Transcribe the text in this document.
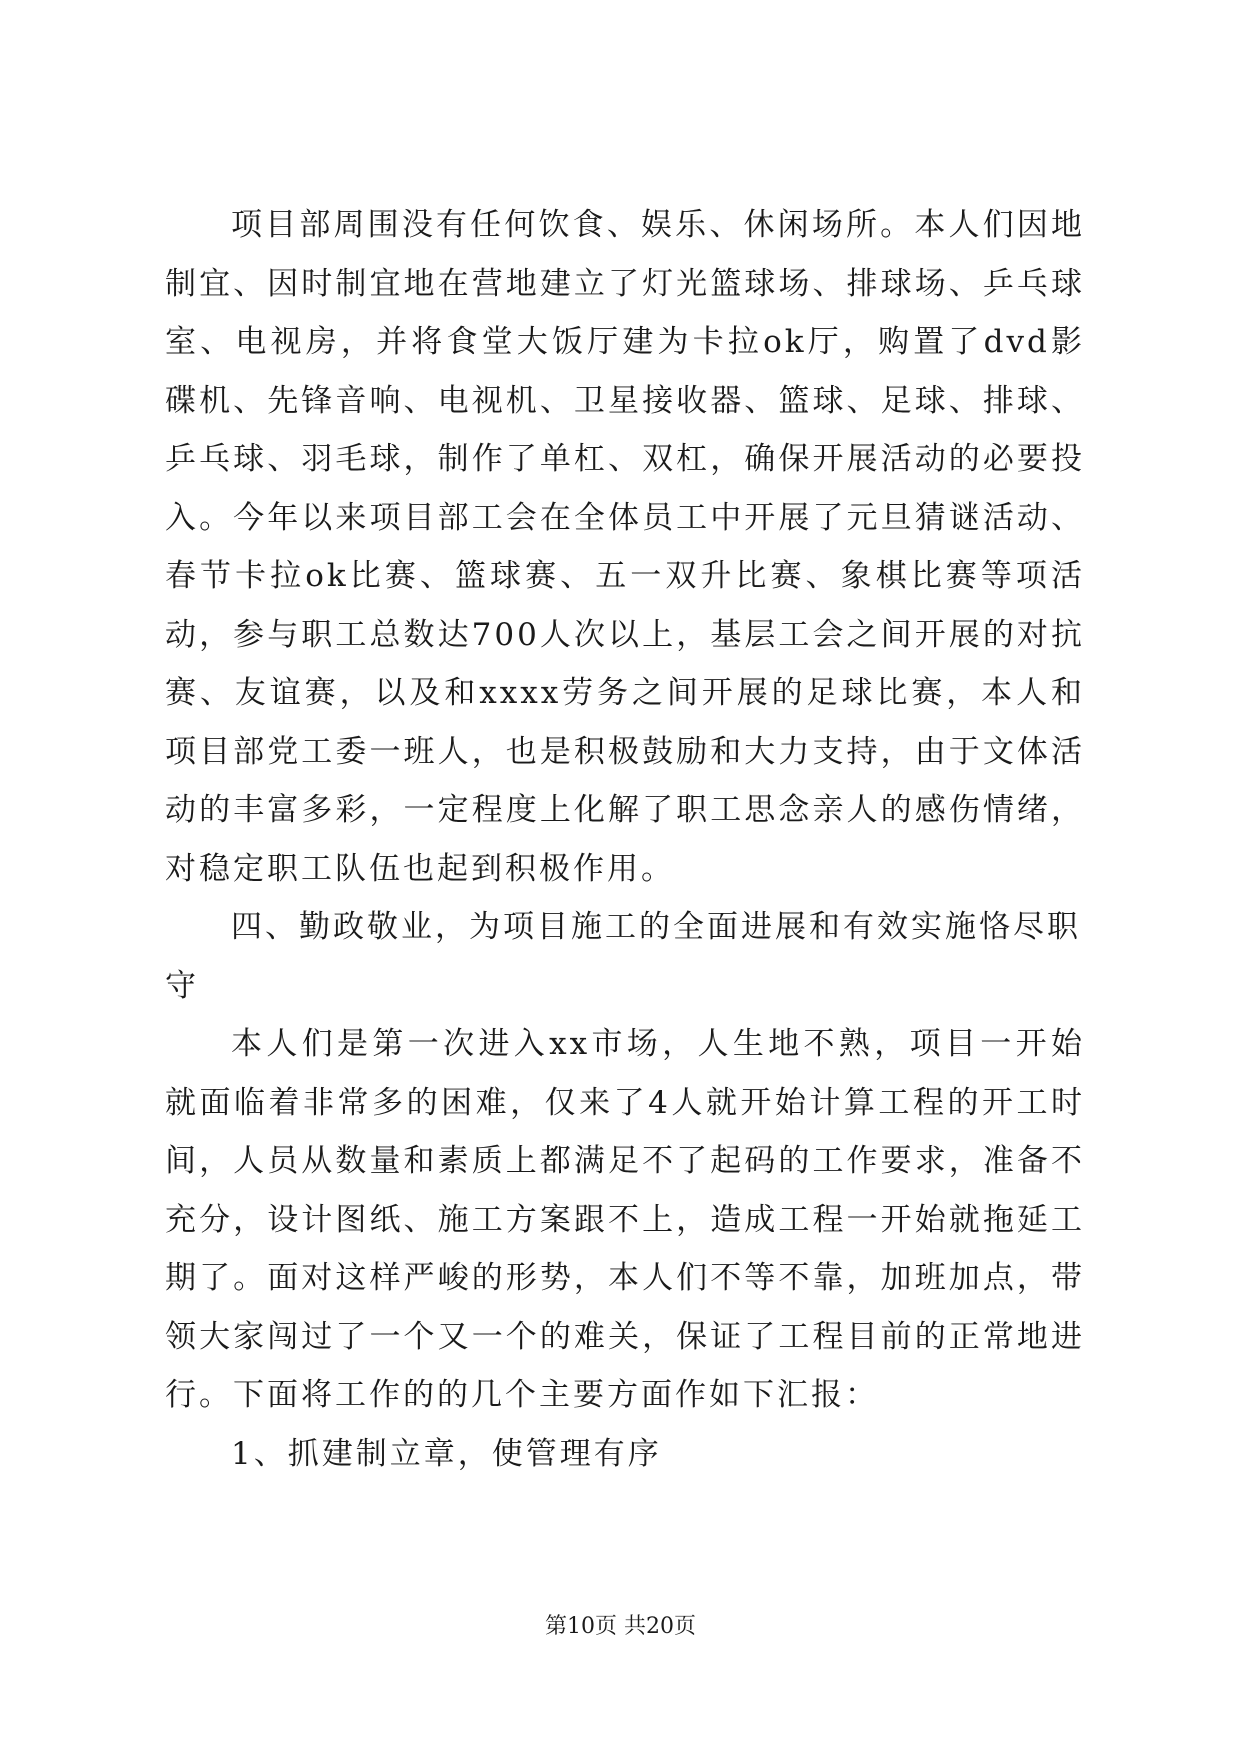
项目部周围没有任何饮食、娱乐、休闲场所。本人们因地制宜、因时制宜地在营地建立了灯光篮球场、排球场、乒乓球室、电视房，并将食堂大饭厅建为卡拉ok厅，购置了dvd影碟机、先锋音响、电视机、卫星接收器、篮球、足球、排球、乒乓球、羽毛球，制作了单杠、双杠，确保开展活动的必要投入。今年以来项目部工会在全体员工中开展了元旦猜谜活动、春节卡拉ok比赛、篮球赛、五一双升比赛、象棋比赛等项活动，参与职工总数达700人次以上，基层工会之间开展的对抗赛、友谊赛，以及和xxxx劳务之间开展的足球比赛，本人和项目部党工委一班人，也是积极鼓励和大力支持，由于文体活动的丰富多彩，一定程度上化解了职工思念亲人的感伤情绪，对稳定职工队伍也起到积极作用。

四、勤政敬业，为项目施工的全面进展和有效实施恪尽职守

本人们是第一次进入xx市场，人生地不熟，项目一开始就面临着非常多的困难，仅来了4人就开始计算工程的开工时间，人员从数量和素质上都满足不了起码的工作要求，准备不充分，设计图纸、施工方案跟不上，造成工程一开始就拖延工期了。面对这样严峻的形势，本人们不等不靠，加班加点，带领大家闯过了一个又一个的难关，保证了工程目前的正常地进行。下面将工作的的几个主要方面作如下汇报：

1、抓建制立章，使管理有序

第10页 共20页
